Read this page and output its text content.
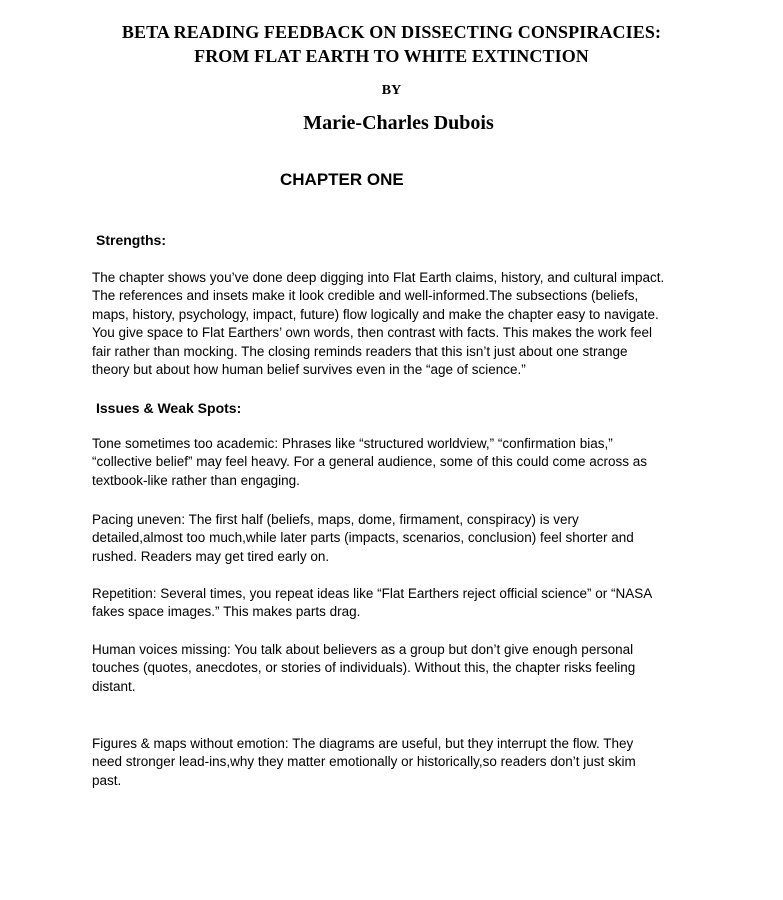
BETA READING FEEDBACK ON DISSECTING CONSPIRACIES:
FROM FLAT EARTH TO WHITE EXTINCTION
BY
Marie-Charles Dubois
CHAPTER ONE
Strengths:
The chapter shows you’ve done deep digging into Flat Earth claims, history, and cultural impact.
The references and insets make it look credible and well-informed.The subsections (beliefs,
maps, history, psychology, impact, future) flow logically and make the chapter easy to navigate.
You give space to Flat Earthers’ own words, then contrast with facts. This makes the work feel
fair rather than mocking. The closing reminds readers that this isn’t just about one strange
theory but about how human belief survives even in the “age of science.”
Issues & Weak Spots:
Tone sometimes too academic: Phrases like “structured worldview,” “confirmation bias,”
“collective belief” may feel heavy. For a general audience, some of this could come across as
textbook-like rather than engaging.
Pacing uneven: The first half (beliefs, maps, dome, firmament, conspiracy) is very
detailed,almost too much,while later parts (impacts, scenarios, conclusion) feel shorter and
rushed. Readers may get tired early on.
Repetition: Several times, you repeat ideas like “Flat Earthers reject official science” or “NASA
fakes space images.” This makes parts drag.
Human voices missing: You talk about believers as a group but don’t give enough personal
touches (quotes, anecdotes, or stories of individuals). Without this, the chapter risks feeling
distant.
Figures & maps without emotion: The diagrams are useful, but they interrupt the flow. They
need stronger lead-ins,why they matter emotionally or historically,so readers don’t just skim
past.
